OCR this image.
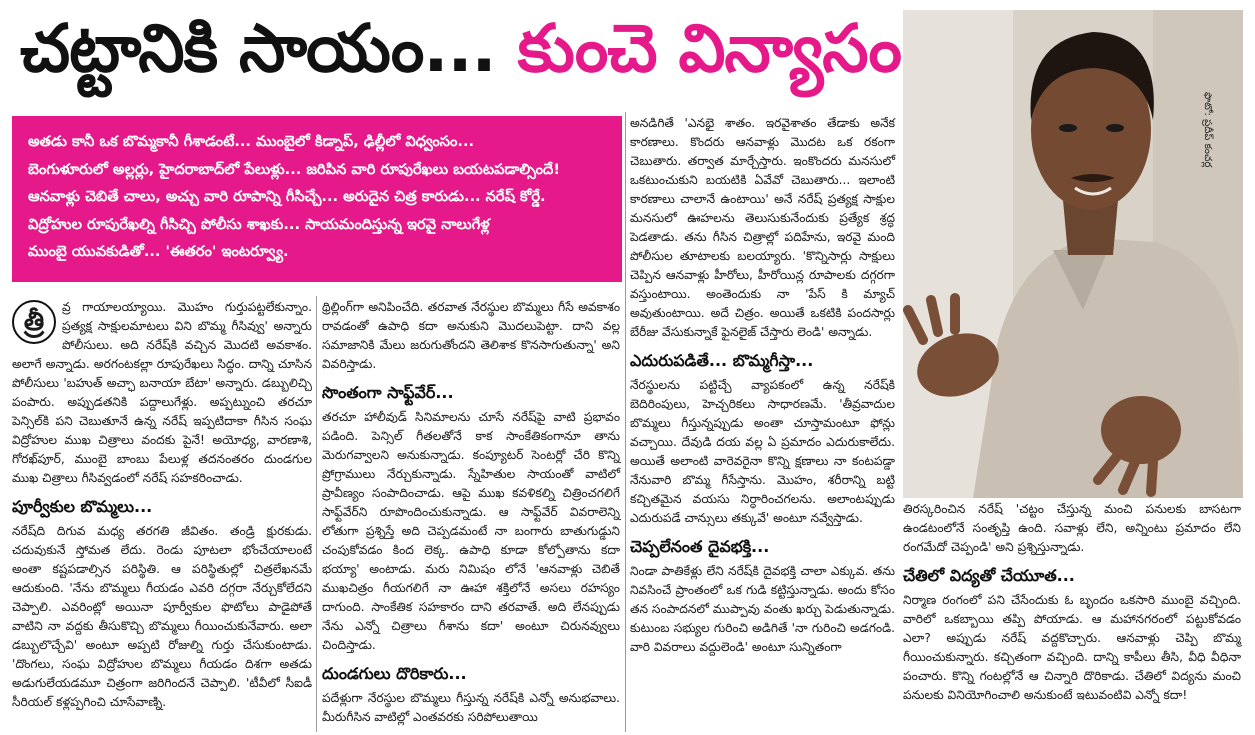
చట్టానికి సాయం... కుంచె విన్యాసం

అతడు కానీ ఒక బొమ్మకానీ గీశాడంటే... ముంబైలో కిడ్నాప్, ఢిల్లీలో విధ్వంసం...

బెంగుళూరులో అల్లర్లు, హైదరాబాద్‌లో పేలుళ్లు... జరిపిన వారి రూపురేఖలు బయటపడాల్సిందే!

ఆనవాళ్లు చెబితే చాలు, అచ్చు వారి రూపాన్ని గీసిచ్చే... అరుదైన చిత్ర కారుడు... నరేష్ కోర్డే.

విద్రోహుల రూపురేఖల్ని గీసిచ్చి పోలీసు శాఖకు... సాయమందిస్తున్న ఇరవై నాలుగేళ్ల

ముంబై యువకుడితో... 'ఈతరం' ఇంటర్వ్యూ.

ఫొటో: ప్రదీప్ కంచర్ల
త్రీ	వ్ర గాయాలయ్యాయి. మొహం గుర్తుపట్టలేకున్నాం. ప్రత్యక్ష సాక్షులమాటలు విని బొమ్మ గీసివ్వు' అన్నారు పోలీసులు. అది నరేష్‌కి వచ్చిన మొదటి అవకాశం. అలాగే అన్నాడు. అరగంటకల్లా రూపురేఖలు సిద్ధం. దాన్ని చూసిన పోలీసులు 'బహుత్ అచ్ఛా బనాయా బేటా' అన్నారు. డబ్బులిచ్చి పంపారు. అప్పుడతనికి పద్దాలుగేళ్లు. అప్పట్నుంచి తరచూ పెన్సిల్‌కి పని చెబుతూనే ఉన్న నరేష్ ఇప్పటిదాకా గీసిన సంఘ విద్రోహుల ముఖ చిత్రాలు వందకు పైనే! అయోధ్య, వారణాశి, గోరఖ్‌పూర్, ముంబై బాంబు పేలుళ్ల తదనంతరం దుండగుల ముఖ చిత్రాలు గీసివ్వడంలో నరేష్ సహకరించాడు.

పూర్వీకుల బొమ్మలు...

నరేష్‌ది దిగువ మధ్య తరగతి జీవితం. తండ్రి క్షురకుడు. చదువుకునే స్తోమత లేదు. రెండు పూటలా భోంచేయాలంటే అంతా కష్టపడాల్సిన పరిస్థితి. ఆ పరిస్థితుల్లో చిత్రలేఖనమే ఆదుకుంది. 'నేను బొమ్మలు గీయడం ఎవరి దగ్గరా నేర్చుకోలేదని చెప్పాలి. ఎవరింట్లో అయినా పూర్వీకుల ఫొటోలు పాడైపోతే వాటిని నా వద్దకు తీసుకొచ్చి బొమ్మలు గీయించుకునేవారు. అలా డబ్బులొచ్చేవి' అంటూ అప్పటి రోజుల్ని గుర్తు చేసుకుంటాడు. 'దొంగలు, సంఘ విద్రోహుల బొమ్మలు గీయడం దిశగా అతడు అడుగులేయడమూ చిత్రంగా జరిగిందనే చెప్పాలి. 'టీవీలో సీఐడీ సీరియల్ కళ్లప్పగించి చూసేవాణ్ని.

థ్రిల్లింగ్‌గా అనిపించేది. తరవాత నేరస్థుల బొమ్మలు గీసే అవకాశం రావడంతో ఉపాధి కదా అనుకుని మొదలుపెట్టా. దాని వల్ల సమాజానికి మేలు జరుగుతోందని తెలిశాక కొనసాగుతున్నా' అని వివరిస్తాడు.

సొంతంగా సాఫ్ట్‌వేర్...

తరచూ హాలీవుడ్ సినిమాలను చూసే నరేష్‌పై వాటి ప్రభావం పడింది. పెన్సిల్ గీతలతోనే కాక సాంకేతికంగానూ తాను మెరుగవ్వాలని అనుకున్నాడు. కంప్యూటర్ సెంటర్లో చేరి కొన్ని ప్రోగ్రాములు నేర్చుకున్నాడు. స్నేహితుల సాయంతో వాటిలో ప్రావీణ్యం సంపాదించాడు. ఆపై ముఖ కవళికల్ని చిత్రించగలిగే సాఫ్ట్‌వేర్‌ని రూపొందించుకున్నాడు. ఆ సాఫ్ట్‌వేర్ వివరాలెన్ని లోతుగా ప్రశ్నిస్తే అది చెప్పడమంటే నా బంగారు బాతుగుడ్డుని చంపుకోవడం కింద లెక్క. ఉపాధి కూడా కోల్పోతాను కదా భయ్యా' అంటాడు. మరు నిమిషం లోనే 'ఆనవాళ్లు చెబితే ముఖచిత్రం గీయగలిగే నా ఊహా శక్తిలోనే అసలు రహస్యం దాగుంది. సాంకేతిక సహకారం దాని తరవాతే. అది లేనప్పుడు నేను ఎన్నో చిత్రాలు గీశాను కదా' అంటూ చిరునవ్వులు చిందిస్తాడు.

దుండగులు దొరికారు...

పదేళ్లుగా నేరస్థుల బొమ్మలు గీస్తున్న నరేష్‌కి ఎన్నో అనుభవాలు. మీరుగీసిన వాటిల్లో ఎంతవరకు సరిపోలుతాయి

అనడిగితే 'ఎనభై శాతం. ఇరవైశాతం తేడాకు అనేక కారణాలు. కొందరు ఆనవాళ్లు మొదట ఒక రకంగా చెబుతారు. తర్వాత మార్చేస్తారు. ఇంకొందరు మనసులో ఒకటుంచుకుని బయటికి ఏవేవో చెబుతారు... ఇలాంటి కారణాలు చాలానే ఉంటాయి' అనే నరేష్ ప్రత్యక్ష సాక్షుల మనసులో ఊహలను తెలుసుకునేందుకు ప్రత్యేక శ్రద్ధ పెడతాడు. తను గీసిన చిత్రాల్లో పదిహేను, ఇరవై మంది పోలీసుల తూటాలకు బలయ్యారు. 'కొన్నిసార్లు సాక్షులు చెప్పిన ఆనవాళ్లు హీరోలు, హీరోయిన్ల రూపాలకు దగ్గరగా వస్తుంటాయి. అంతెందుకు నా 'పేస్ కి మ్యాచ్ అవుతుంటాయి. అదే చిత్రం. అయితే ఒకటికి పందసార్లు బేరీజు వేసుకున్నాకే ఫైనలైజ్ చేస్తారు లెండి' అన్నాడు.

ఎదురుపడితే... బొమ్మగీస్తా...

నేరస్థులను పట్టిచ్చే వ్యాపకంలో ఉన్న నరేష్‌కి బెదిరింపులు, హెచ్చరికలు సాధారణమే. 'తీవ్రవాదుల బొమ్మలు గీస్తున్నప్పుడు అంతా చూస్తామంటూ ఫోన్లు వచ్చాయి. దేవుడి దయ వల్ల ఏ ప్రమాదం ఎదురుకాలేదు. అయితే అలాంటి వారెవరైనా కొన్ని క్షణాలు నా కంటపడ్డా నేనువారి బొమ్మ గీసేస్తాను. మొహం, శరీరాన్ని బట్టి కచ్చితమైన వయసు నిర్ధారించగలను. అలాంటప్పుడు ఎదురుపడే చాన్సులు తక్కువే' అంటూ నవ్వేస్తాడు.

చెప్పలేనంత దైవభక్తి...

నిండా పాతికేళ్లు లేని నరేష్‌కి దైవభక్తి చాలా ఎక్కువ. తను నివసించే ప్రాంతంలో ఒక గుడి కట్టిస్తున్నాడు. అందు కోసం తన సంపాదనలో ముప్పావు వంతు ఖర్చు పెడుతున్నాడు. కుటుంబ సభ్యుల గురించి అడిగితే 'నా గురించి అడగండి. వారి వివరాలు వద్దులెండి' అంటూ సున్నితంగా

తిరస్కరించిన నరేష్ 'చట్టం చేస్తున్న మంచి పనులకు బాసటగా ఉండటంలోనే సంతృప్తి ఉంది. సవాళ్లు లేని, అన్నింటు ప్రమాదం లేని రంగమేదో చెప్పండి' అని ప్రశ్నిస్తున్నాడు.

చేతిలో విద్యతో చేయూత...

నిర్మాణ రంగంలో పని చేసేందుకు ఓ బృందం ఒకసారి ముంబై వచ్చింది. వారిలో ఒకబ్బాయి తప్పి పోయాడు. ఆ మహానగరంలో పట్టుకోవడం ఎలా? అప్పుడు నరేష్ వద్దకొచ్చారు. ఆనవాళ్లు చెప్పి బొమ్మ గీయించుకున్నారు. కచ్చితంగా వచ్చింది. దాన్ని కాపీలు తీసి, వీధి వీధినా పంచారు. కొన్ని గంటల్లోనే ఆ చిన్నారి దొరికాడు. చేతిలో విద్యను మంచి పనులకు వినియోగించాలి అనుకుంటే ఇటువంటివి ఎన్నో కదా!
